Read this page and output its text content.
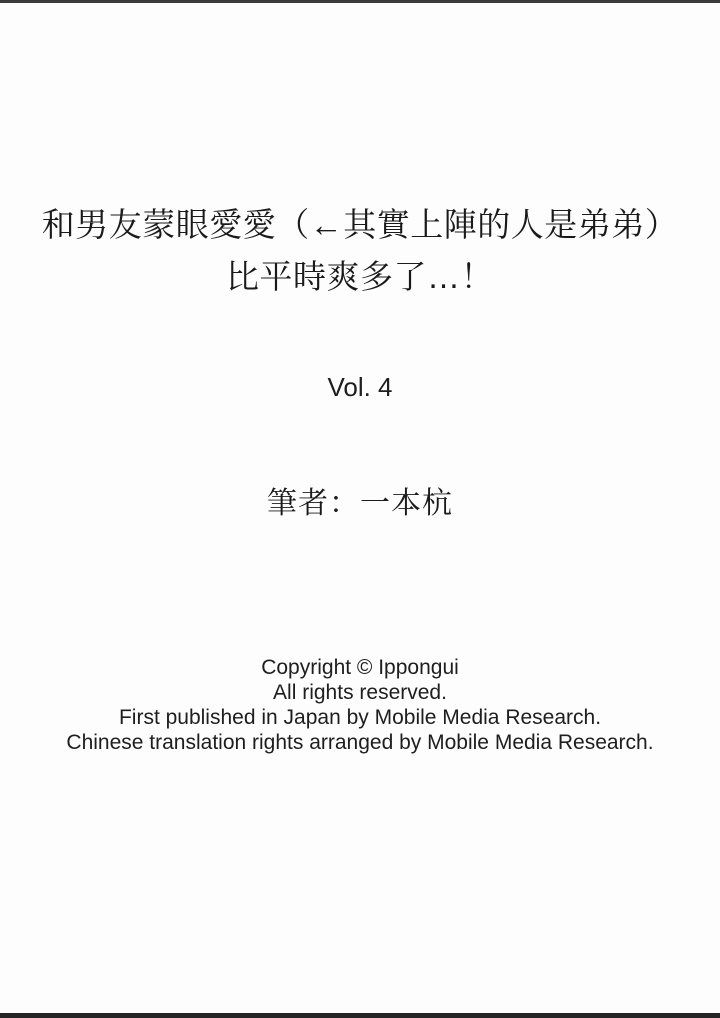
和男友蒙眼愛愛（←其實上陣的人是弟弟）
比平時爽多了…！
Vol. 4
筆者：一本杭
Copyright © Ippongui
All rights reserved.
First published in Japan by Mobile Media Research.
Chinese translation rights arranged by Mobile Media Research.
